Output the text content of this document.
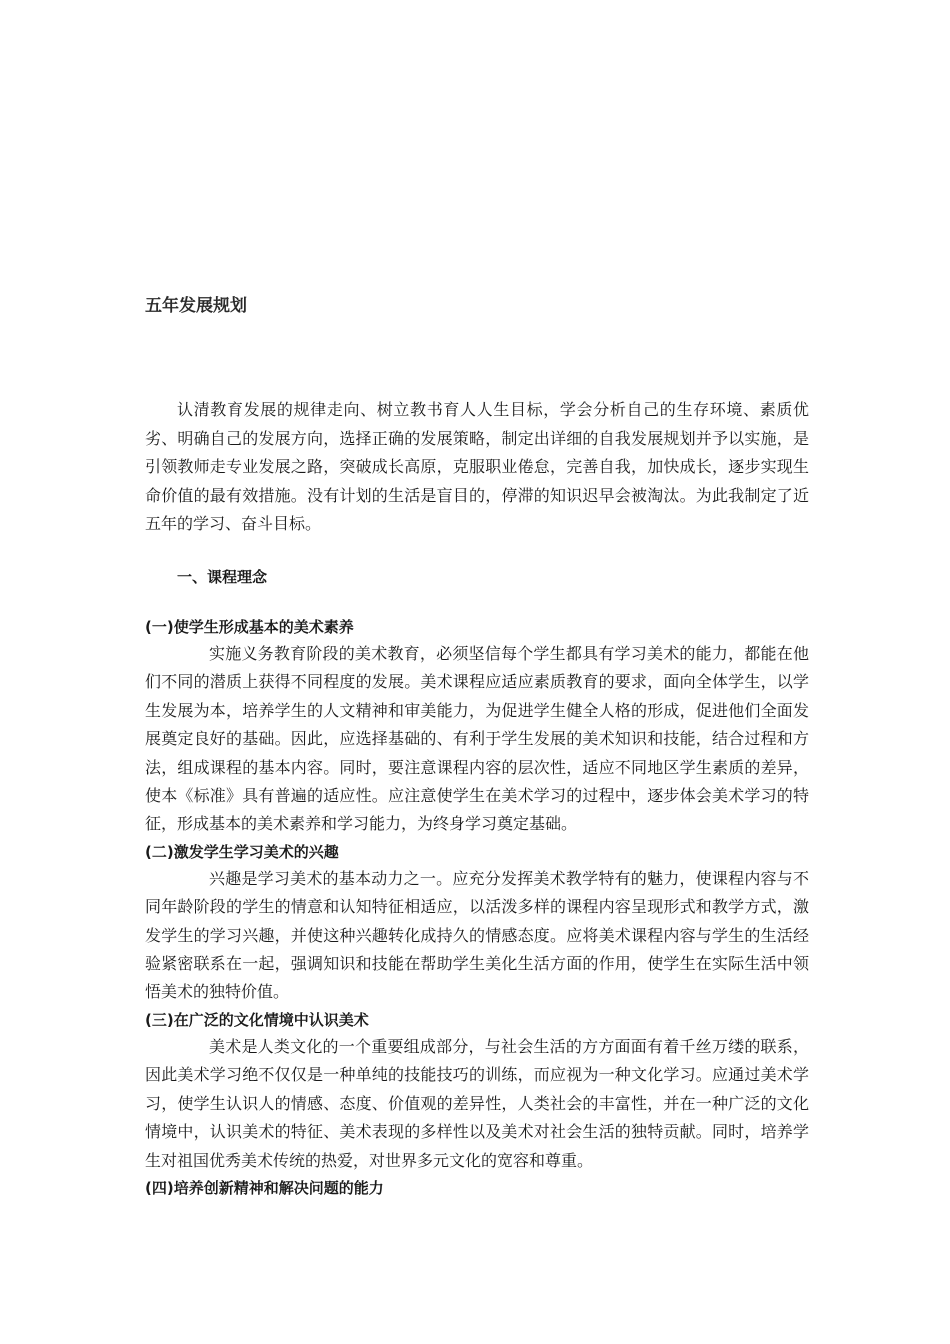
五年发展规划

认清教育发展的规律走向、树立教书育人人生目标，学会分析自己的生存环境、素质优劣、明确自己的发展方向，选择正确的发展策略，制定出详细的自我发展规划并予以实施，是引领教师走专业发展之路，突破成长高原，克服职业倦怠，完善自我，加快成长，逐步实现生命价值的最有效措施。没有计划的生活是盲目的，停滞的知识迟早会被淘汰。为此我制定了近五年的学习、奋斗目标。

一、课程理念
(一)使学生形成基本的美术素养

实施义务教育阶段的美术教育，必须坚信每个学生都具有学习美术的能力，都能在他们不同的潜质上获得不同程度的发展。美术课程应适应素质教育的要求，面向全体学生，以学生发展为本，培养学生的人文精神和审美能力，为促进学生健全人格的形成，促进他们全面发展奠定良好的基础。因此，应选择基础的、有利于学生发展的美术知识和技能，结合过程和方法，组成课程的基本内容。同时，要注意课程内容的层次性，适应不同地区学生素质的差异，使本《标准》具有普遍的适应性。应注意使学生在美术学习的过程中，逐步体会美术学习的特征，形成基本的美术素养和学习能力，为终身学习奠定基础。

(二)激发学生学习美术的兴趣

兴趣是学习美术的基本动力之一。应充分发挥美术教学特有的魅力，使课程内容与不同年龄阶段的学生的情意和认知特征相适应，以活泼多样的课程内容呈现形式和教学方式，激发学生的学习兴趣，并使这种兴趣转化成持久的情感态度。应将美术课程内容与学生的生活经验紧密联系在一起，强调知识和技能在帮助学生美化生活方面的作用，使学生在实际生活中领悟美术的独特价值。

(三)在广泛的文化情境中认识美术

美术是人类文化的一个重要组成部分，与社会生活的方方面面有着千丝万缕的联系，因此美术学习绝不仅仅是一种单纯的技能技巧的训练，而应视为一种文化学习。应通过美术学习，使学生认识人的情感、态度、价值观的差异性，人类社会的丰富性，并在一种广泛的文化情境中，认识美术的特征、美术表现的多样性以及美术对社会生活的独特贡献。同时，培养学生对祖国优秀美术传统的热爱，对世界多元文化的宽容和尊重。

(四)培养创新精神和解决问题的能力
